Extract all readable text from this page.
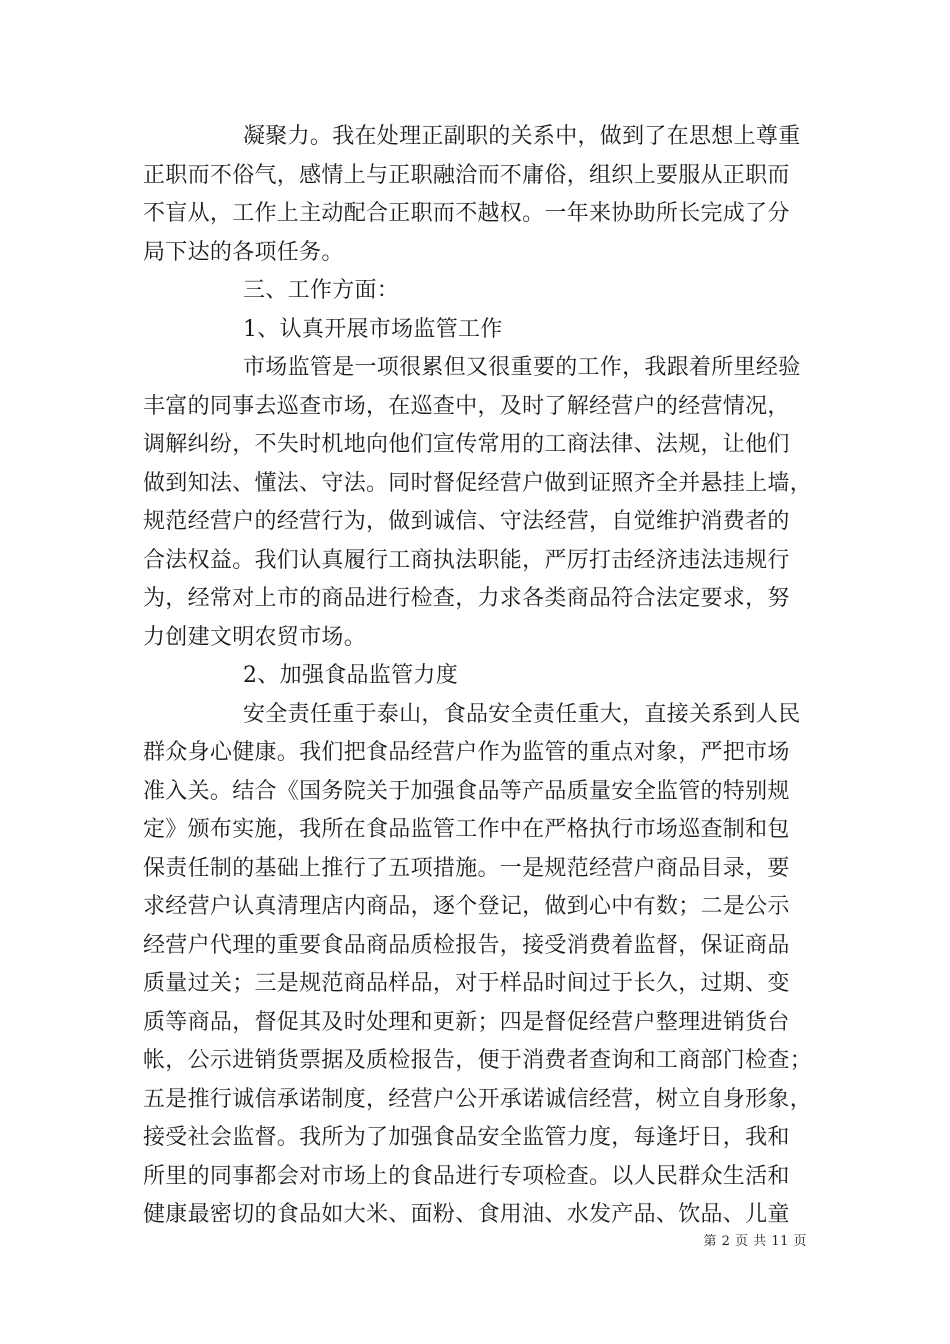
凝聚力。我在处理正副职的关系中，做到了在思想上尊重
正职而不俗气，感情上与正职融洽而不庸俗，组织上要服从正职而
不盲从，工作上主动配合正职而不越权。一年来协助所长完成了分
局下达的各项任务。
三、工作方面：
1、认真开展市场监管工作
市场监管是一项很累但又很重要的工作，我跟着所里经验
丰富的同事去巡查市场，在巡查中，及时了解经营户的经营情况，
调解纠纷，不失时机地向他们宣传常用的工商法律、法规，让他们
做到知法、懂法、守法。同时督促经营户做到证照齐全并悬挂上墙，
规范经营户的经营行为，做到诚信、守法经营，自觉维护消费者的
合法权益。我们认真履行工商执法职能，严厉打击经济违法违规行
为，经常对上市的商品进行检查，力求各类商品符合法定要求，努
力创建文明农贸市场。
2、加强食品监管力度
安全责任重于泰山，食品安全责任重大，直接关系到人民
群众身心健康。我们把食品经营户作为监管的重点对象，严把市场
准入关。结合《国务院关于加强食品等产品质量安全监管的特别规
定》颁布实施，我所在食品监管工作中在严格执行市场巡查制和包
保责任制的基础上推行了五项措施。一是规范经营户商品目录，要
求经营户认真清理店内商品，逐个登记，做到心中有数；二是公示
经营户代理的重要食品商品质检报告，接受消费着监督，保证商品
质量过关；三是规范商品样品，对于样品时间过于长久，过期、变
质等商品，督促其及时处理和更新；四是督促经营户整理进销货台
帐，公示进销货票据及质检报告，便于消费者查询和工商部门检查；
五是推行诚信承诺制度，经营户公开承诺诚信经营，树立自身形象，
接受社会监督。我所为了加强食品安全监管力度，每逢圩日，我和
所里的同事都会对市场上的食品进行专项检查。以人民群众生活和
健康最密切的食品如大米、面粉、食用油、水发产品、饮品、儿童
第 2 页 共 11 页
